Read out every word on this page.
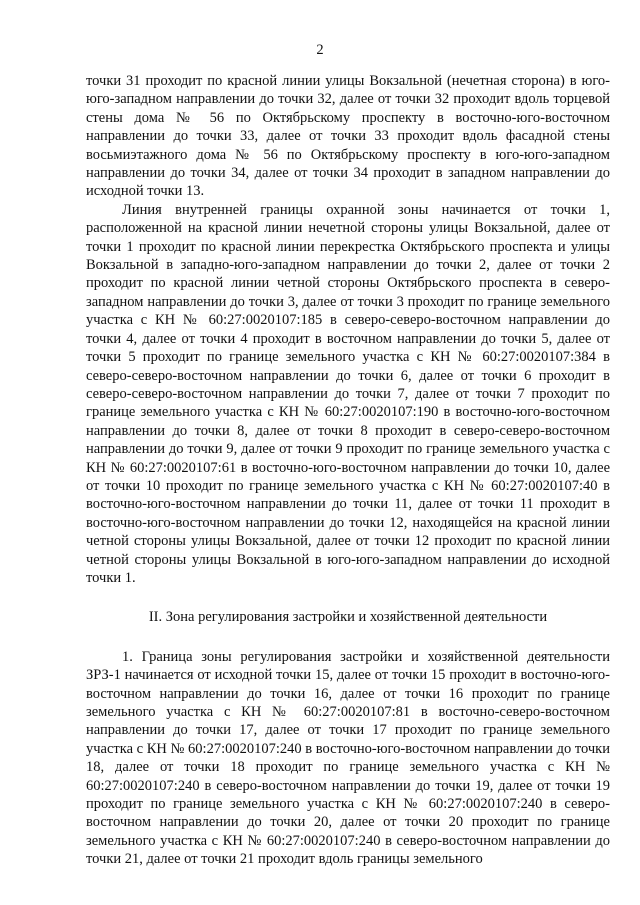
2

точки 31 проходит по красной линии улицы Вокзальной (нечетная сторона) в юго-юго-западном направлении до точки 32, далее от точки 32 проходит вдоль торцевой стены дома № 56 по Октябрьскому проспекту в восточно-юго-восточном направлении до точки 33, далее от точки 33 проходит вдоль фасадной стены восьмиэтажного дома № 56 по Октябрьскому проспекту в юго-юго-западном направлении до точки 34, далее от точки 34 проходит в западном направлении до исходной точки 13.

Линия внутренней границы охранной зоны начинается от точки 1, расположенной на красной линии нечетной стороны улицы Вокзальной, далее от точки 1 проходит по красной линии перекрестка Октябрьского проспекта и улицы Вокзальной в западно-юго-западном направлении до точки 2, далее от точки 2 проходит по красной линии четной стороны Октябрьского проспекта в северо-западном направлении до точки 3, далее от точки 3 проходит по границе земельного участка с КН № 60:27:0020107:185 в северо-северо-восточном направлении до точки 4, далее от точки 4 проходит в восточном направлении до точки 5, далее от точки 5 проходит по границе земельного участка с КН № 60:27:0020107:384 в северо-северо-восточном направлении до точки 6, далее от точки 6 проходит в северо-северо-восточном направлении до точки 7, далее от точки 7 проходит по границе земельного участка с КН № 60:27:0020107:190 в восточно-юго-восточном направлении до точки 8, далее от точки 8 проходит в северо-северо-восточном направлении до точки 9, далее от точки 9 проходит по границе земельного участка с КН № 60:27:0020107:61 в восточно-юго-восточном направлении до точки 10, далее от точки 10 проходит по границе земельного участка с КН № 60:27:0020107:40 в восточно-юго-восточном направлении до точки 11, далее от точки 11 проходит в восточно-юго-восточном направлении до точки 12, находящейся на красной линии четной стороны улицы Вокзальной, далее от точки 12 проходит по красной линии четной стороны улицы Вокзальной в юго-юго-западном направлении до исходной точки 1.

II. Зона регулирования застройки и хозяйственной деятельности

1. Граница зоны регулирования застройки и хозяйственной деятельности ЗРЗ-1 начинается от исходной точки 15, далее от точки 15 проходит в восточно-юго-восточном направлении до точки 16, далее от точки 16 проходит по границе земельного участка с КН № 60:27:0020107:81 в восточно-северо-восточном направлении до точки 17, далее от точки 17 проходит по границе земельного участка с КН № 60:27:0020107:240 в восточно-юго-восточном направлении до точки 18, далее от точки 18 проходит по границе земельного участка с КН № 60:27:0020107:240 в северо-восточном направлении до точки 19, далее от точки 19 проходит по границе земельного участка с КН № 60:27:0020107:240 в северо-восточном направлении до точки 20, далее от точки 20 проходит по границе земельного участка с КН № 60:27:0020107:240 в северо-восточном направлении до точки 21, далее от точки 21 проходит вдоль границы земельного
